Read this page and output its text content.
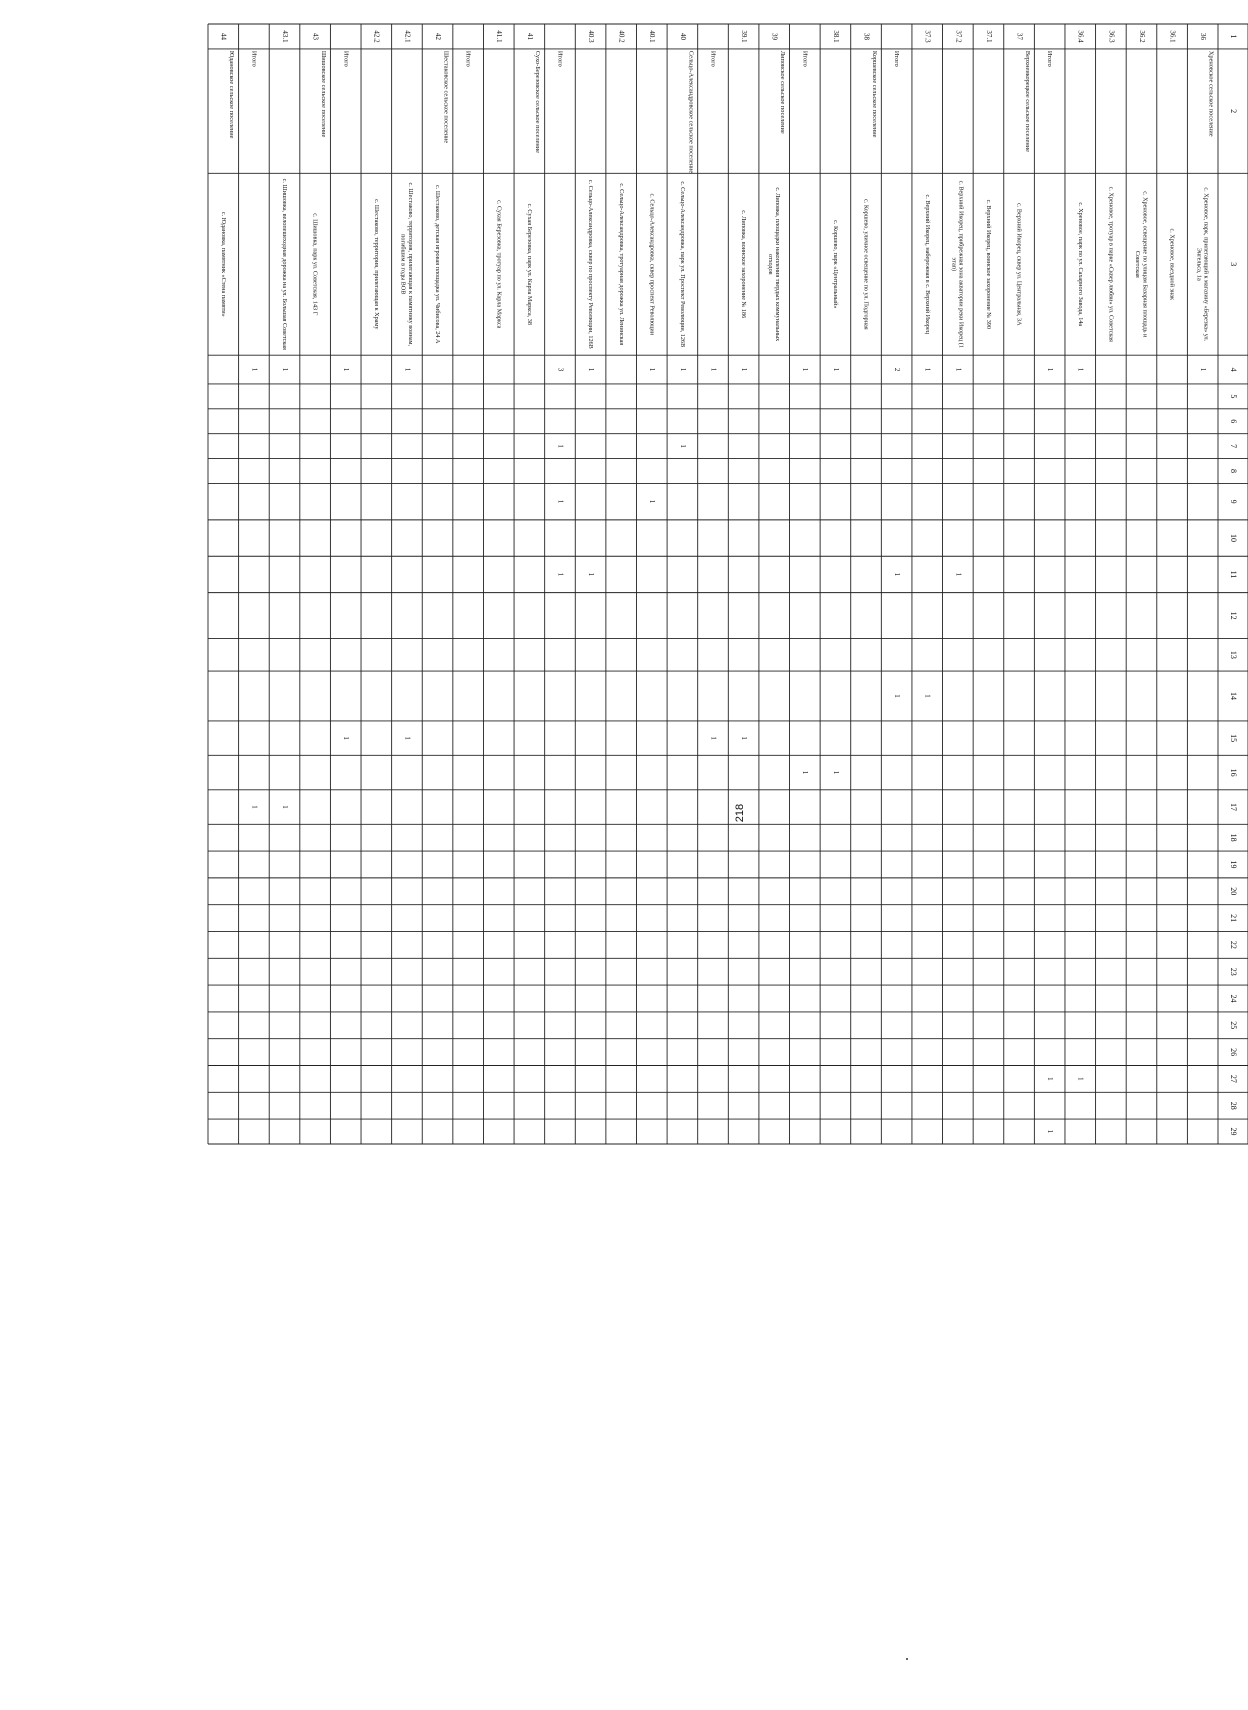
218
1
2
3
4
5
6
7
8
9
10
11
12
13
14
15
16
17
18
19
20
21
22
23
24
25
26
27
28
29
36
Хреновское сельское поселение
с. Хреновое, парк, прилегающий к магазину «Березка» ул.Энгельса, 1а
1
36.1
с. Хреновое, въездной знак
36.2
с. Хреновое, освещение по улицам Базарная площадь иСоветская
36.3
с. Хреновое, тротуар в парке «Сквер любви» ул. Советская
36.4
с. Хреновое, парк по ул. Сахарного Завода, 14а
1
1
Итого
1
1
1
37
Верхнеикорецкое сельское поселение
с. Верхний Икорец, сквер ул. Центральная, 3А
37.1
с. Верхний Икорец, воинское захоронение № 390
37.2
с. Верхний Икорец, прибрежная зона акватории реки Икорец (1этап)
1
1
37.3
с. Верхний Икорец, набережная в с. Верхний Икорец
1
1
Итого
2
1
1
38
Коршевское сельское поселение
с. Коршево, уличное освещение по ул. Подгорная
38.1
с. Коршево, парк «Центральный»
1
1
Итого
1
1
39
Липовское сельское поселение
с. Липовка, площадки накопления твердых коммунальныхотходов
39.1
с. Липовка, воинское захоронение № 186
1
1
Итого
1
1
40
Сельцо-Александровское сельское поселение
с. Сельцо-Александровка, парк ул. Проспект Революции, 126В
1
1
40.1
с. Сельцо-Александровка, сквер проспект Революции
1
1
40.2
с. Сельцо-Александровка, тротуарная дорожка ул. Ленинская
40.3
с. Сельцо-Александровка, сквер по проспекту Революции, 126В
1
1
Итого
3
1
1
1
41
Сухо-Березовское сельское поселение
с. Сухая Березовка, парк ул. Карла Маркса, 38
41.1
с. Сухая Березовка, тротуар по ул. Карла Маркса
Итого
42
Шестаковское сельское поселение
с. Шестаково, детская игровая площадка ул. Чибисова, 24 А
42.1
с. Шестаково, территория, прилегающая к памятнику воинам,погибшим в годы ВОВ
1
1
42.2
с. Шестаково, территория, прилегающая к Храму
Итого
1
1
43
Шишовское сельское поселение
с. Шишовка, парк ул. Советская, 143 Г
43.1
с. Шишовка, велопешеходная дорожка на ул. Большая Советская
1
1
Итого
1
1
44
Юдановское сельское поселение
с. Юдановка, памятник «Стена памяти»
